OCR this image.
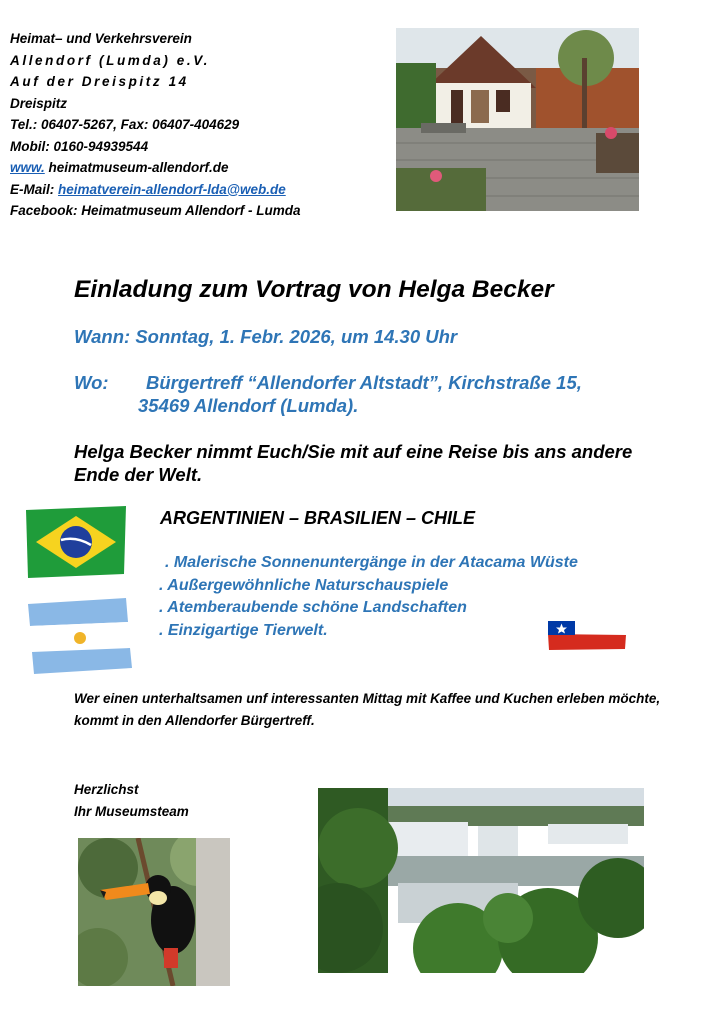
Heimat– und Verkehrsverein
Allendorf (Lumda) e.V.
Auf der Dreispitz 14
Dreispitz
Tel.: 06407-5267, Fax: 06407-404629
Mobil: 0160-94939544
www. heimatmuseum-allendorf.de
E-Mail: heimatverein-allendorf-lda@web.de
Facebook: Heimatmuseum Allendorf - Lumda
Einladung zum Vortrag von Helga Becker
Wann: Sonntag, 1. Febr. 2026, um 14.30 Uhr
Wo: Bürgertreff “Allendorfer Altstadt”, Kirchstraße 15,
35469 Allendorf (Lumda).
Helga Becker nimmt Euch/Sie mit auf eine Reise bis ans andere Ende der Welt.
ARGENTINIEN – BRASILIEN – CHILE
. Malerische Sonnenuntergänge in der Atacama Wüste
. Außergewöhnliche Naturschauspiele
. Atemberaubende schöne Landschaften
. Einzigartige Tierwelt.
Wer einen unterhaltsamen unf interessanten Mittag mit Kaffee und Kuchen erleben möchte, kommt in den Allendorfer Bürgertreff.
Herzlichst
Ihr Museumsteam
